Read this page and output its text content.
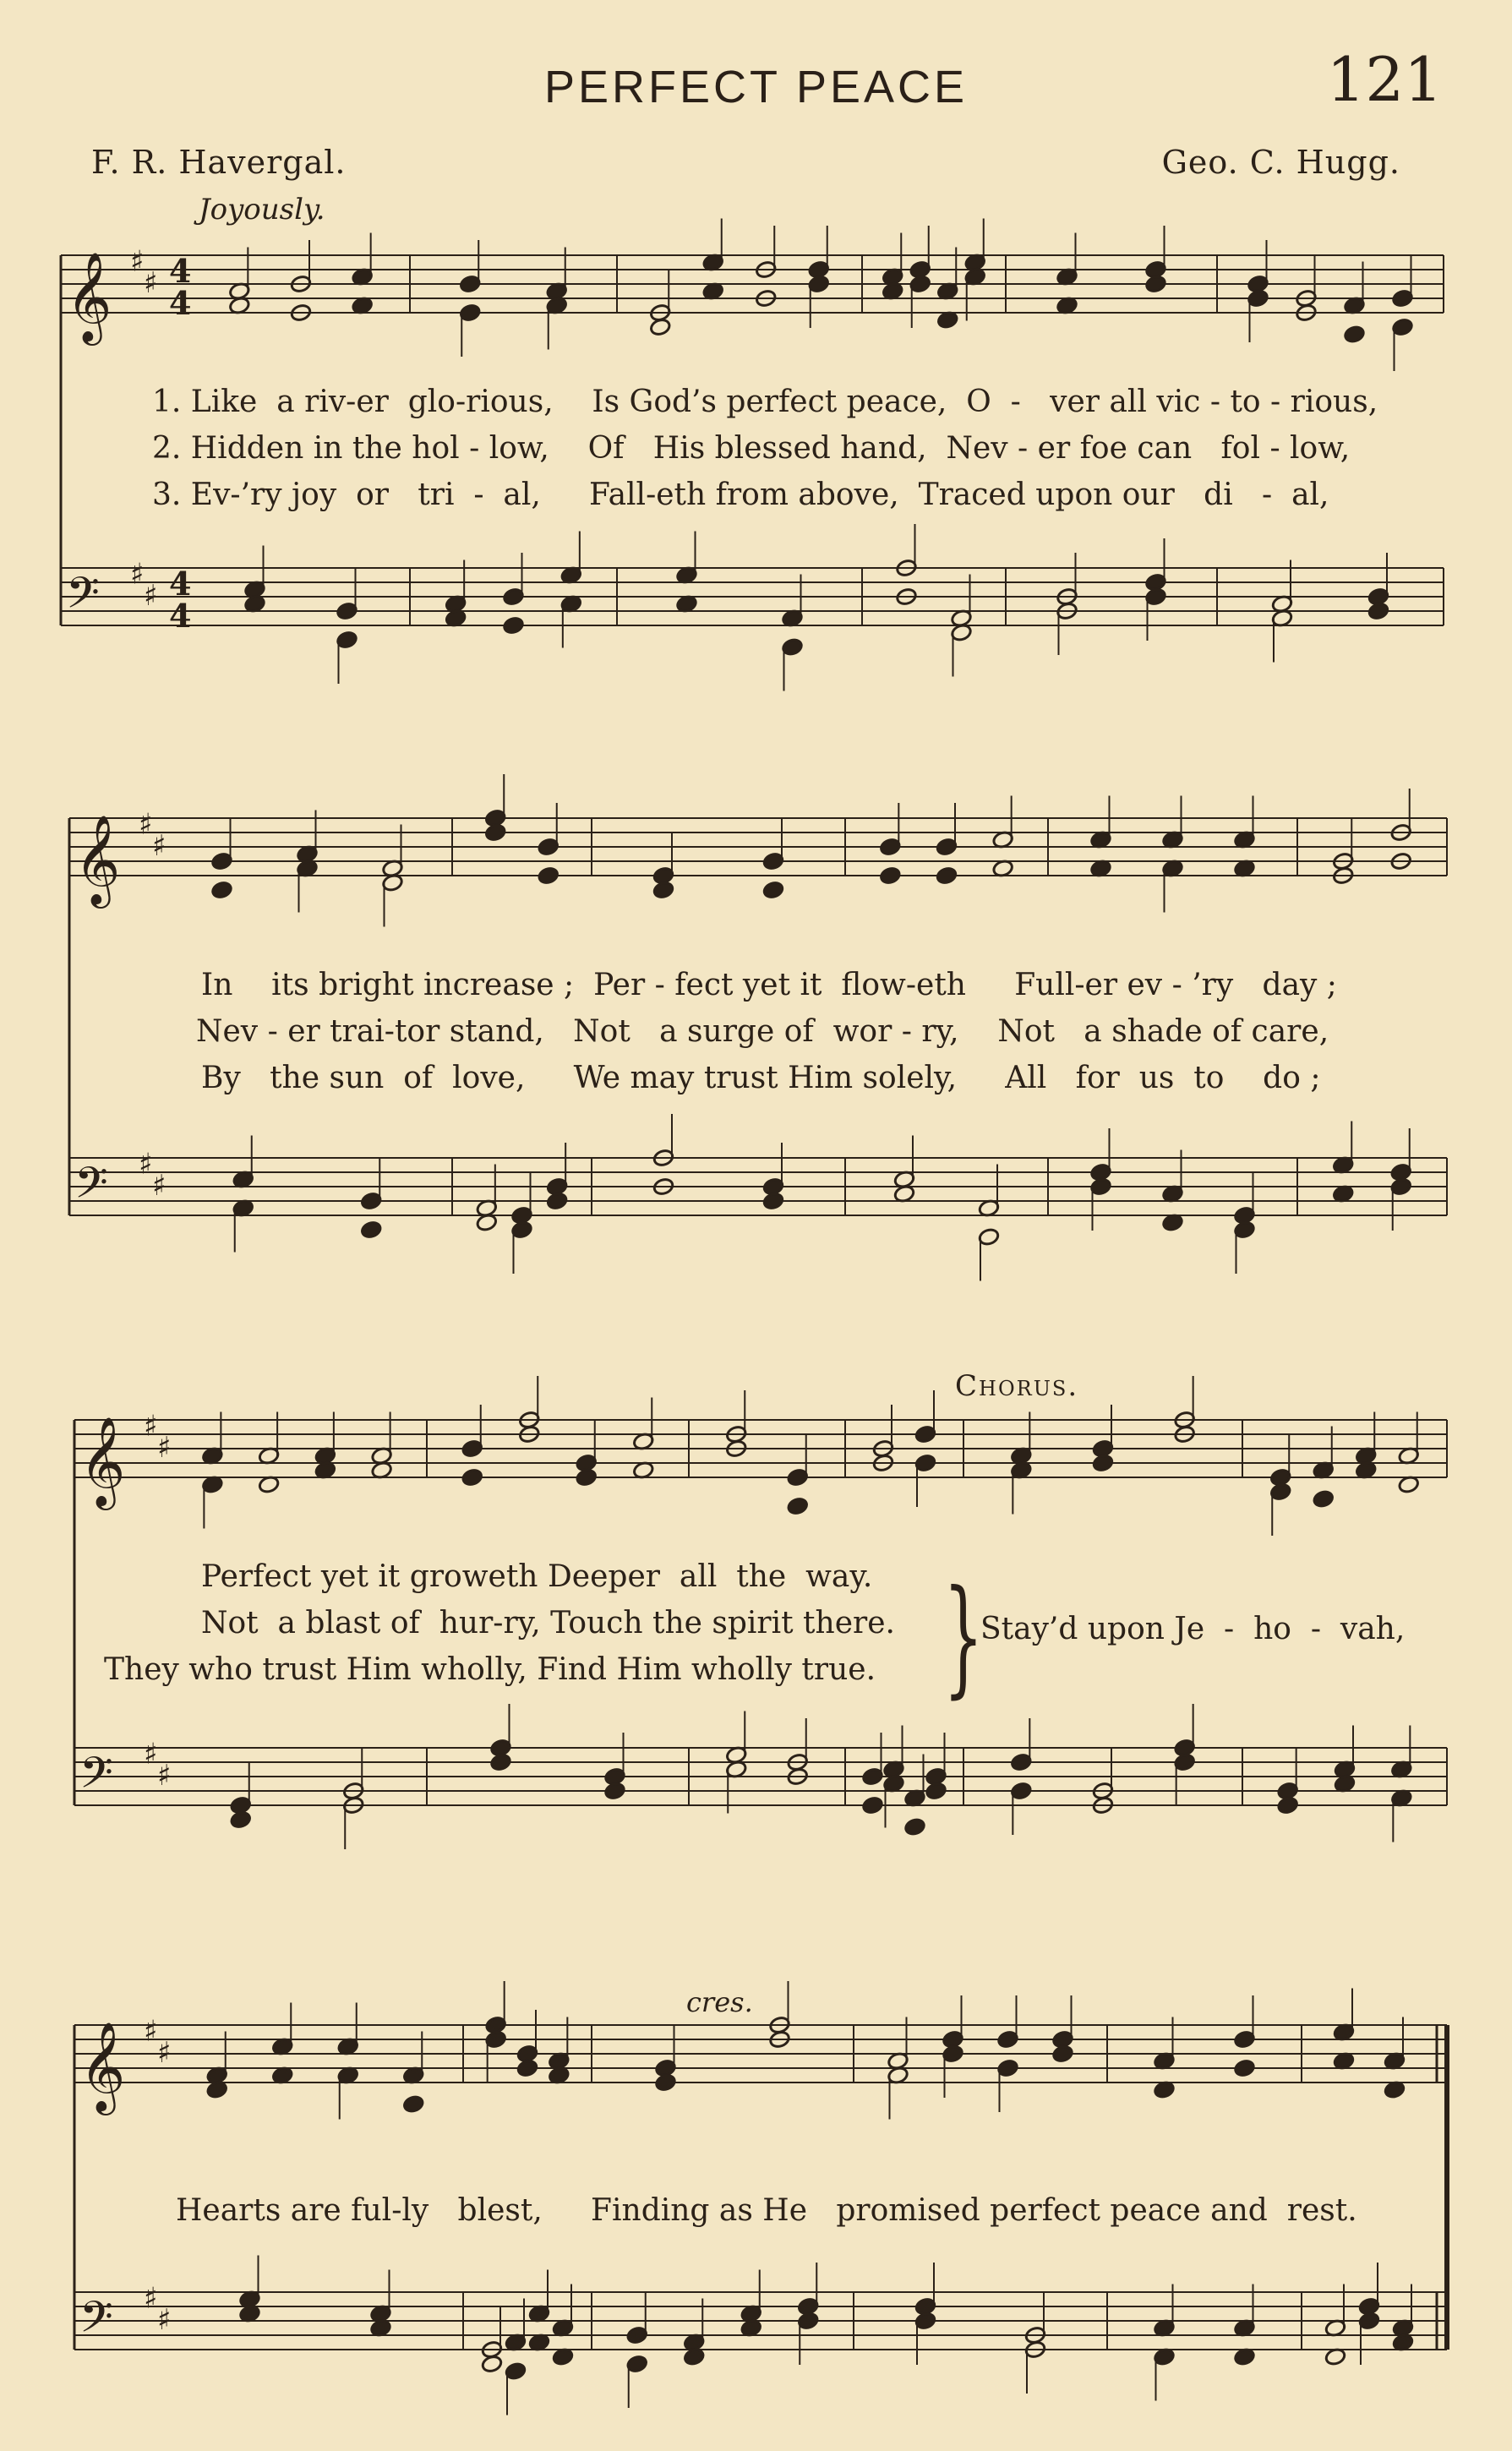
PERFECT PEACE	121
F. R. Havergal.	Geo. C. Hugg.
Joyously.
𝄞 ♯
♯ 4
4
𝄢 ♯
♯ 4
4
𝄞 ♯
♯
𝄢 ♯
♯
𝄞 ♯
♯
𝄢 ♯
♯
𝄞 ♯
♯
𝄢 ♯
♯
1. Like  a riv-er  glo-rious,    Is God’s perfect peace,  O  -   ver all vic - to - rious,
2. Hidden in the hol - low,    Of   His blessed hand,  Nev - er foe can   fol - low,
3. Ev-’ry joy  or   tri  -  al,     Fall-eth from above,  Traced upon our   di   -  al,
In    its bright increase ;  Per - fect yet it  flow-eth     Full-er ev - ’ry   day ;
Nev - er trai-tor stand,   Not   a surge of  wor - ry,    Not   a shade of care,
By   the sun  of  love,     We may trust Him solely,     All   for  us  to    do ;
Chorus.
Perfect yet it groweth Deeper  all  the  way.
Not  a blast of  hur-ry, Touch the spirit there.
They who trust Him wholly, Find Him wholly true. }
Stay’d upon Je  -  ho  -  vah,
cres.
Hearts are ful-ly   blest,     Finding as He   promised perfect peace and  rest.
